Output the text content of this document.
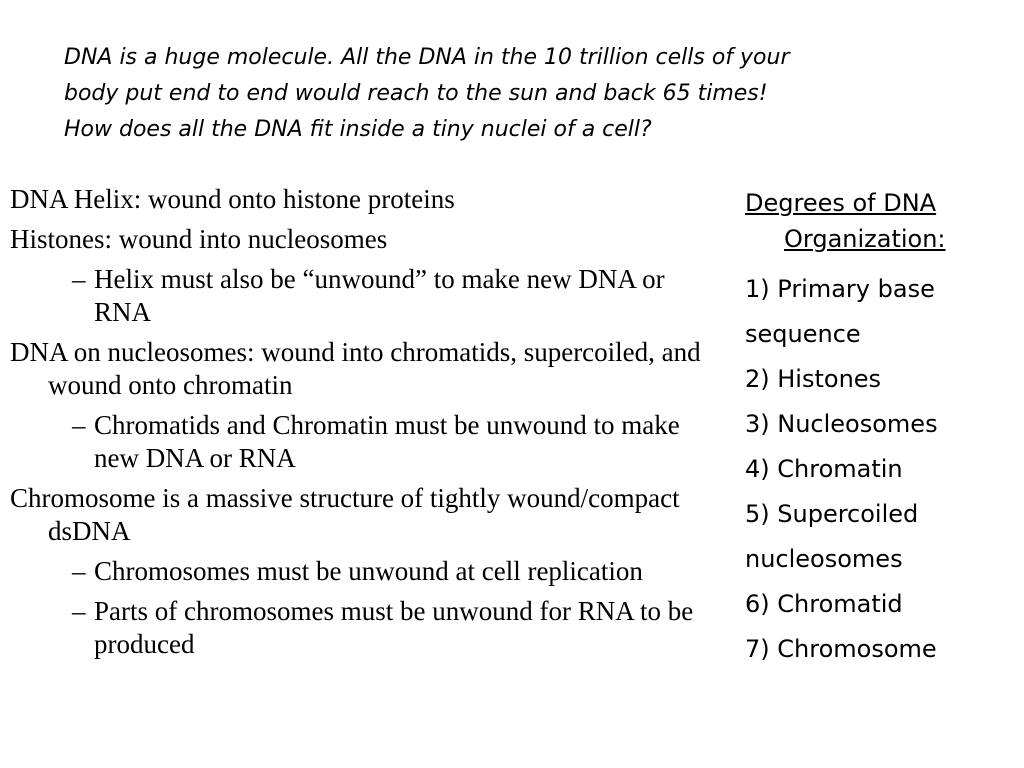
DNA is a huge molecule. All the DNA in the 10 trillion cells of your
body put end to end would reach to the sun and back 65 times!
How does all the DNA fit inside a tiny nuclei of a cell?
DNA Helix: wound onto histone proteins
Histones: wound into nucleosomes
– Helix must also be “unwound” to make new DNA or RNA
DNA on nucleosomes: wound into chromatids, supercoiled, and wound onto chromatin
– Chromatids and Chromatin must be unwound to make new DNA or RNA
Chromosome is a massive structure of tightly wound/compact dsDNA
– Chromosomes must be unwound at cell replication
– Parts of chromosomes must be unwound for RNA to be produced
Degrees of DNA
Organization:
1) Primary base
sequence
2) Histones
3) Nucleosomes
4) Chromatin
5) Supercoiled
nucleosomes
6) Chromatid
7) Chromosome
